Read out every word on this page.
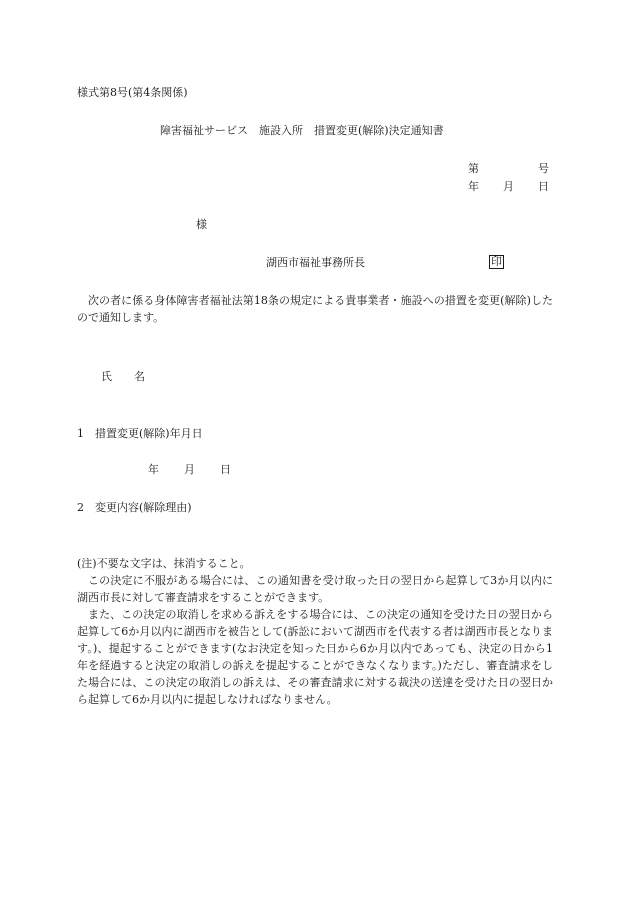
様式第8号(第4条関係)
障害福祉サービス　施設入所　措置変更(解除)決定通知書
第	号
年 月 日
様
湖西市福祉事務所長	印

次の者に係る身体障害者福祉法第18条の規定による貴事業者・施設への措置を変更(解除)したので通知します。

氏　　名
1　措置変更(解除)年月日
年 月 日
2　変更内容(解除理由)

(注)不要な文字は、抹消すること。

この決定に不服がある場合には、この通知書を受け取った日の翌日から起算して3か月以内に湖西市長に対して審査請求をすることができます。

また、この決定の取消しを求める訴えをする場合には、この決定の通知を受けた日の翌日から起算して6か月以内に湖西市を被告として(訴訟において湖西市を代表する者は湖西市長となります。)、提起することができます(なお決定を知った日から6か月以内であっても、決定の日から1年を経過すると決定の取消しの訴えを提起することができなくなります。)ただし、審査請求をした場合には、この決定の取消しの訴えは、その審査請求に対する裁決の送達を受けた日の翌日から起算して6か月以内に提起しなければなりません。
